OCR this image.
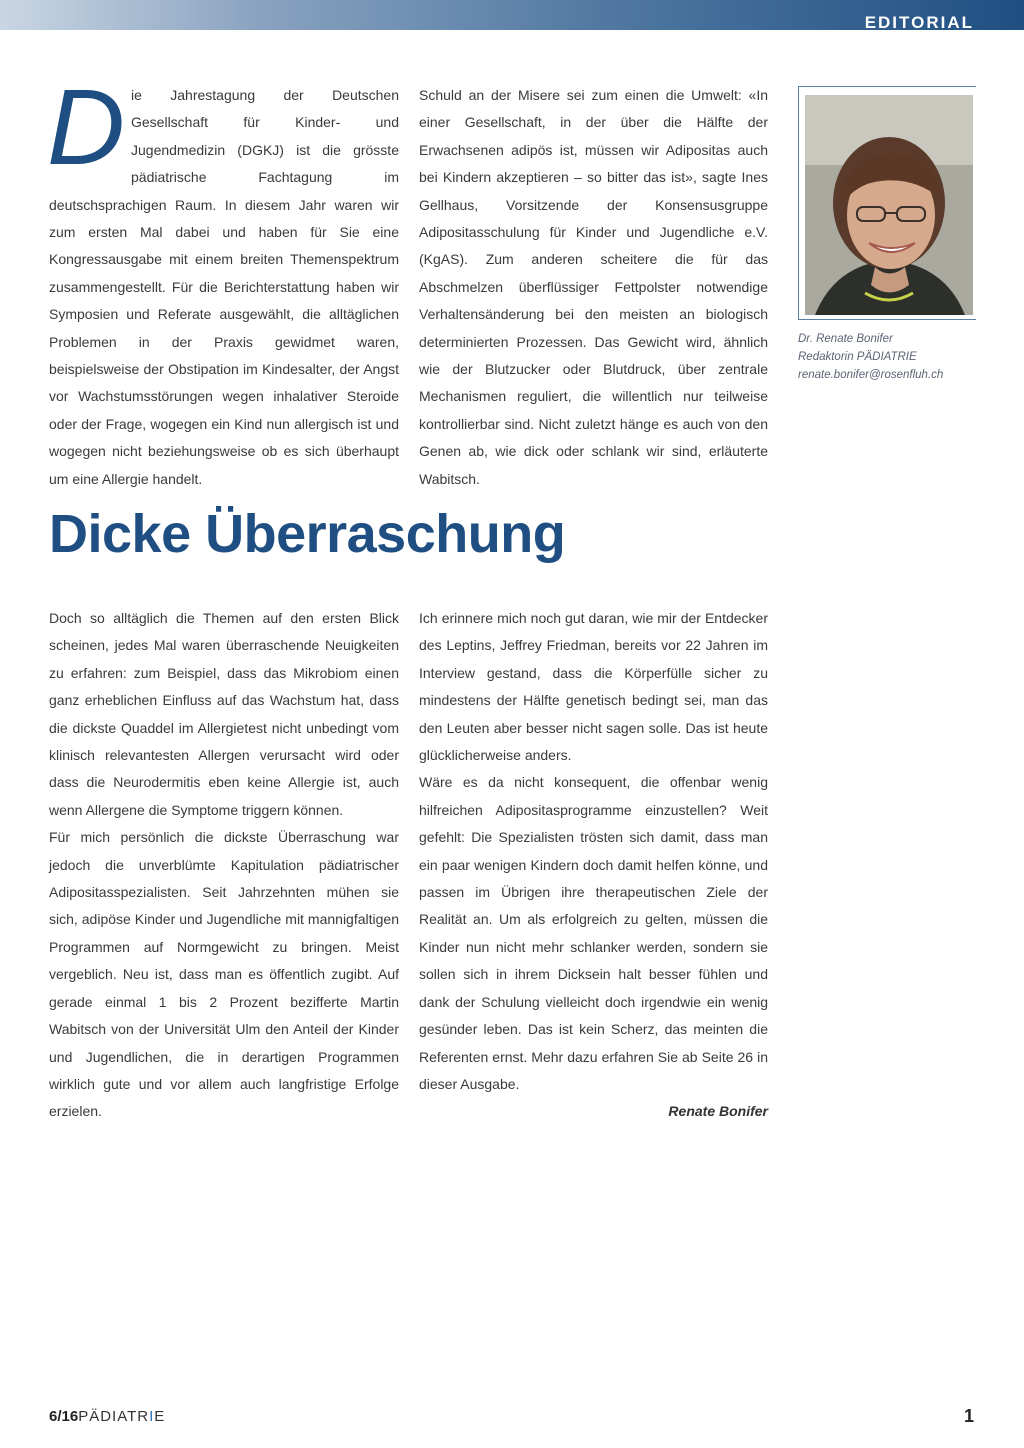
EDITORIAL

Die Jahrestagung der Deutschen Gesellschaft für Kinder- und Jugendmedizin (DGKJ) ist die grösste pädiatrische Fachtagung im deutschsprachigen Raum. In diesem Jahr waren wir zum ersten Mal dabei und haben für Sie eine Kongressausgabe mit einem breiten Themenspektrum zusammengestellt. Für die Berichterstattung haben wir Symposien und Referate ausgewählt, die alltäglichen Problemen in der Praxis gewidmet waren, beispielsweise der Obstipation im Kindesalter, der Angst vor Wachstumsstörungen wegen inhalativer Steroide oder der Frage, wogegen ein Kind nun allergisch ist und wogegen nicht beziehungsweise ob es sich überhaupt um eine Allergie handelt.

Schuld an der Misere sei zum einen die Umwelt: «In einer Gesellschaft, in der über die Hälfte der Erwachsenen adipös ist, müssen wir Adipositas auch bei Kindern akzeptieren – so bitter das ist», sagte Ines Gellhaus, Vorsitzende der Konsensusgruppe Adipositasschulung für Kinder und Jugendliche e.V. (KgAS). Zum anderen scheitere die für das Abschmelzen überflüssiger Fettpolster notwendige Verhaltensänderung bei den meisten an biologisch determinierten Prozessen. Das Gewicht wird, ähnlich wie der Blutzucker oder Blutdruck, über zentrale Mechanismen reguliert, die willentlich nur teilweise kontrollierbar sind. Nicht zuletzt hänge es auch von den Genen ab, wie dick oder schlank wir sind, erläuterte Wabitsch.

Dr. Renate Bonifer
Redaktorin PÄDIATRIE
renate.bonifer@rosenfluh.ch
Dicke Überraschung

Doch so alltäglich die Themen auf den ersten Blick scheinen, jedes Mal waren überraschende Neuigkeiten zu erfahren: zum Beispiel, dass das Mikrobiom einen ganz erheblichen Einfluss auf das Wachstum hat, dass die dickste Quaddel im Allergietest nicht unbedingt vom klinisch relevantesten Allergen verursacht wird oder dass die Neurodermitis eben keine Allergie ist, auch wenn Allergene die Symptome triggern können.

Für mich persönlich die dickste Überraschung war jedoch die unverblümte Kapitulation pädiatrischer Adipositasspezialisten. Seit Jahrzehnten mühen sie sich, adipöse Kinder und Jugendliche mit mannigfaltigen Programmen auf Normgewicht zu bringen. Meist vergeblich. Neu ist, dass man es öffentlich zugibt. Auf gerade einmal 1 bis 2 Prozent bezifferte Martin Wabitsch von der Universität Ulm den Anteil der Kinder und Jugendlichen, die in derartigen Programmen wirklich gute und vor allem auch langfristige Erfolge erzielen.

Ich erinnere mich noch gut daran, wie mir der Entdecker des Leptins, Jeffrey Friedman, bereits vor 22 Jahren im Interview gestand, dass die Körperfülle sicher zu mindestens der Hälfte genetisch bedingt sei, man das den Leuten aber besser nicht sagen solle. Das ist heute glücklicherweise anders.

Wäre es da nicht konsequent, die offenbar wenig hilfreichen Adipositasprogramme einzustellen? Weit gefehlt: Die Spezialisten trösten sich damit, dass man ein paar wenigen Kindern doch damit helfen könne, und passen im Übrigen ihre therapeutischen Ziele der Realität an. Um als erfolgreich zu gelten, müssen die Kinder nun nicht mehr schlanker werden, sondern sie sollen sich in ihrem Dicksein halt besser fühlen und dank der Schulung vielleicht doch irgendwie ein wenig gesünder leben. Das ist kein Scherz, das meinten die Referenten ernst. Mehr dazu erfahren Sie ab Seite 26 in dieser Ausgabe.

Renate Bonifer

6/16PÄDIATRIE	1
